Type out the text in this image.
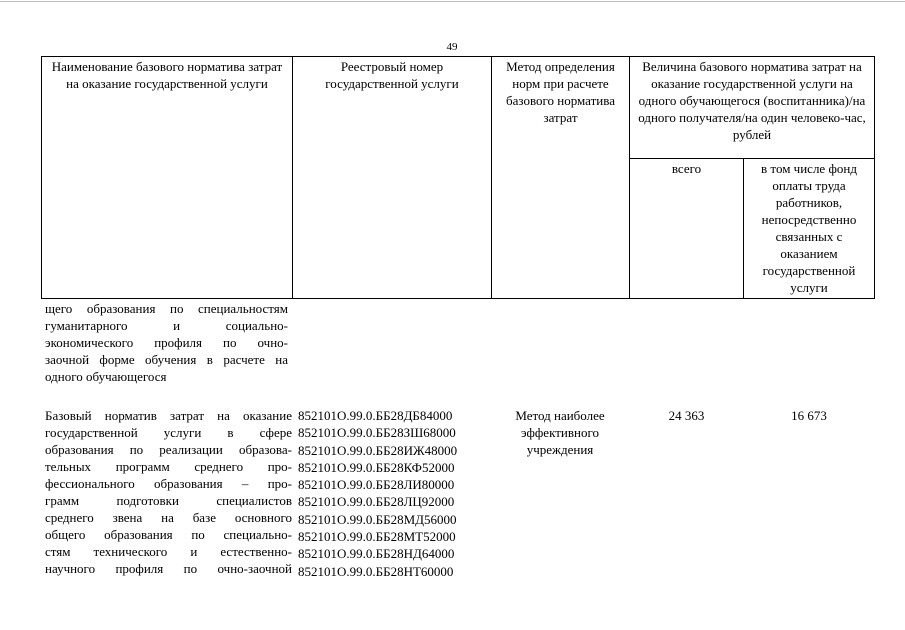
49
Наименование базового норматива затрат на оказание государственной услуги
Реестровый номер государственной услуги
Метод определения норм при расчете базового норматива затрат
Величина базового норматива затрат на оказание государственной услуги на одного обучающегося (воспитанника)/на одного получателя/на один человеко-час, рублей
всего	в том числе фонд оплаты труда работников, непосредственно связанных с оказанием государственной услуги
щего образования по специальностям
гуманитарного и социально-
экономического профиля по очно-
заочной форме обучения в расчете на
одного обучающегося
Базовый норматив затрат на оказание
государственной услуги в сфере
образования по реализации образова-
тельных программ среднего про-
фессионального образования – про-
грамм подготовки специалистов
среднего звена на базе основного
общего образования по специально-
стям технического и естественно-
научного профиля по очно-заочной
852101О.99.0.ББ28ДБ84000
852101О.99.0.ББ28ЗШ68000
852101О.99.0.ББ28ИЖ48000
852101О.99.0.ББ28КФ52000
852101О.99.0.ББ28ЛИ80000
852101О.99.0.ББ28ЛЦ92000
852101О.99.0.ББ28МД56000
852101О.99.0.ББ28МТ52000
852101О.99.0.ББ28НД64000
852101О.99.0.ББ28НТ60000
Метод наиболее эффективного учреждения
24 363	16 673
